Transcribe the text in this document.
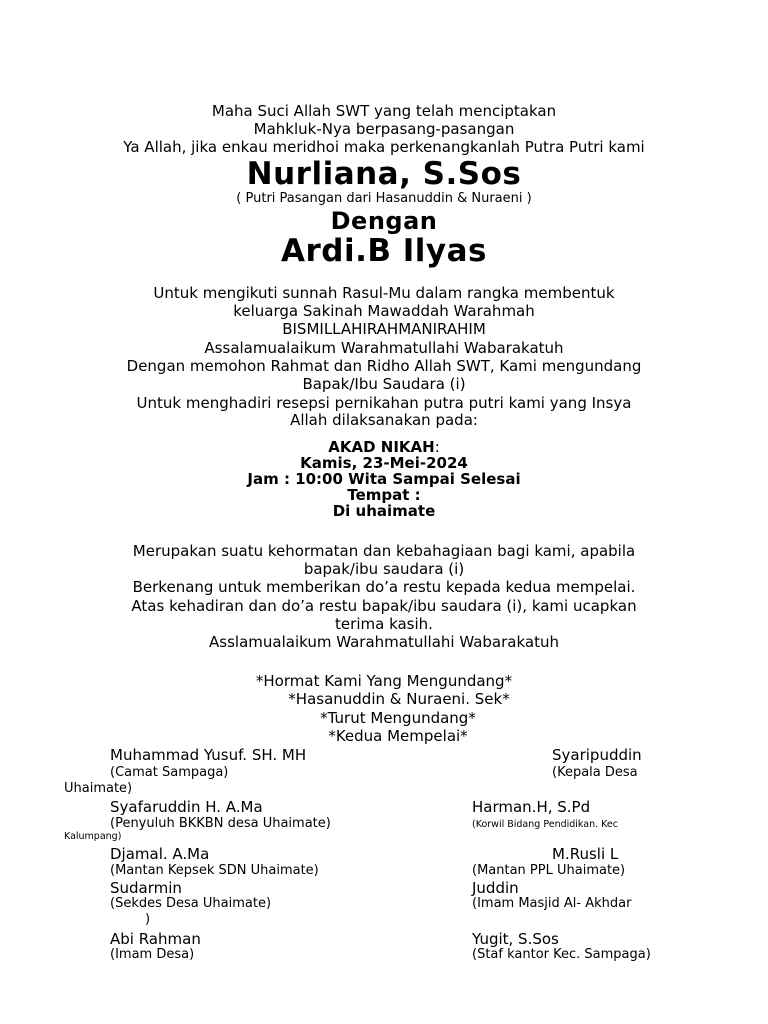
Maha Suci Allah SWT yang telah menciptakan
Mahkluk-Nya berpasang-pasangan
Ya Allah, jika enkau meridhoi maka perkenangkanlah Putra Putri kami
Nurliana, S.Sos
( Putri Pasangan dari Hasanuddin & Nuraeni )
Dengan
Ardi.B Ilyas
Untuk mengikuti sunnah Rasul-Mu dalam rangka membentuk
keluarga Sakinah Mawaddah Warahmah
BISMILLAHIRAHMANIRAHIM
Assalamualaikum Warahmatullahi Wabarakatuh
Dengan memohon Rahmat dan Ridho Allah SWT, Kami mengundang
Bapak/Ibu Saudara (i)
Untuk menghadiri resepsi pernikahan putra putri kami yang Insya
Allah dilaksanakan pada:
AKAD NIKAH:
Kamis, 23-Mei-2024
Jam : 10:00 Wita Sampai Selesai
Tempat :
Di uhaimate
Merupakan suatu kehormatan dan kebahagiaan bagi kami, apabila
bapak/ibu saudara (i)
Berkenang untuk memberikan do’a restu kepada kedua mempelai.
Atas kehadiran dan do’a restu bapak/ibu saudara (i), kami ucapkan
terima kasih.
Asslamualaikum Warahmatullahi Wabarakatuh
*Hormat Kami Yang Mengundang*
*Hasanuddin & Nuraeni. Sek*
*Turut Mengundang*
*Kedua Mempelai*
Muhammad Yusuf. SH. MH
(Camat Sampaga)
Syafaruddin H. A.Ma
(Penyuluh BKKBN desa Uhaimate)
Djamal. A.Ma
(Mantan Kepsek SDN Uhaimate)
Sudarmin
(Sekdes Desa Uhaimate)
)
Abi Rahman
(Imam Desa)
Syaripuddin
(Kepala Desa
Uhaimate)
Harman.H, S.Pd
(Korwil Bidang Pendidikan. Kec
Kalumpang)
M.Rusli L
(Mantan PPL Uhaimate)
Juddin
(Imam Masjid Al- Akhdar
Yugit, S.Sos
(Staf kantor Kec. Sampaga)
